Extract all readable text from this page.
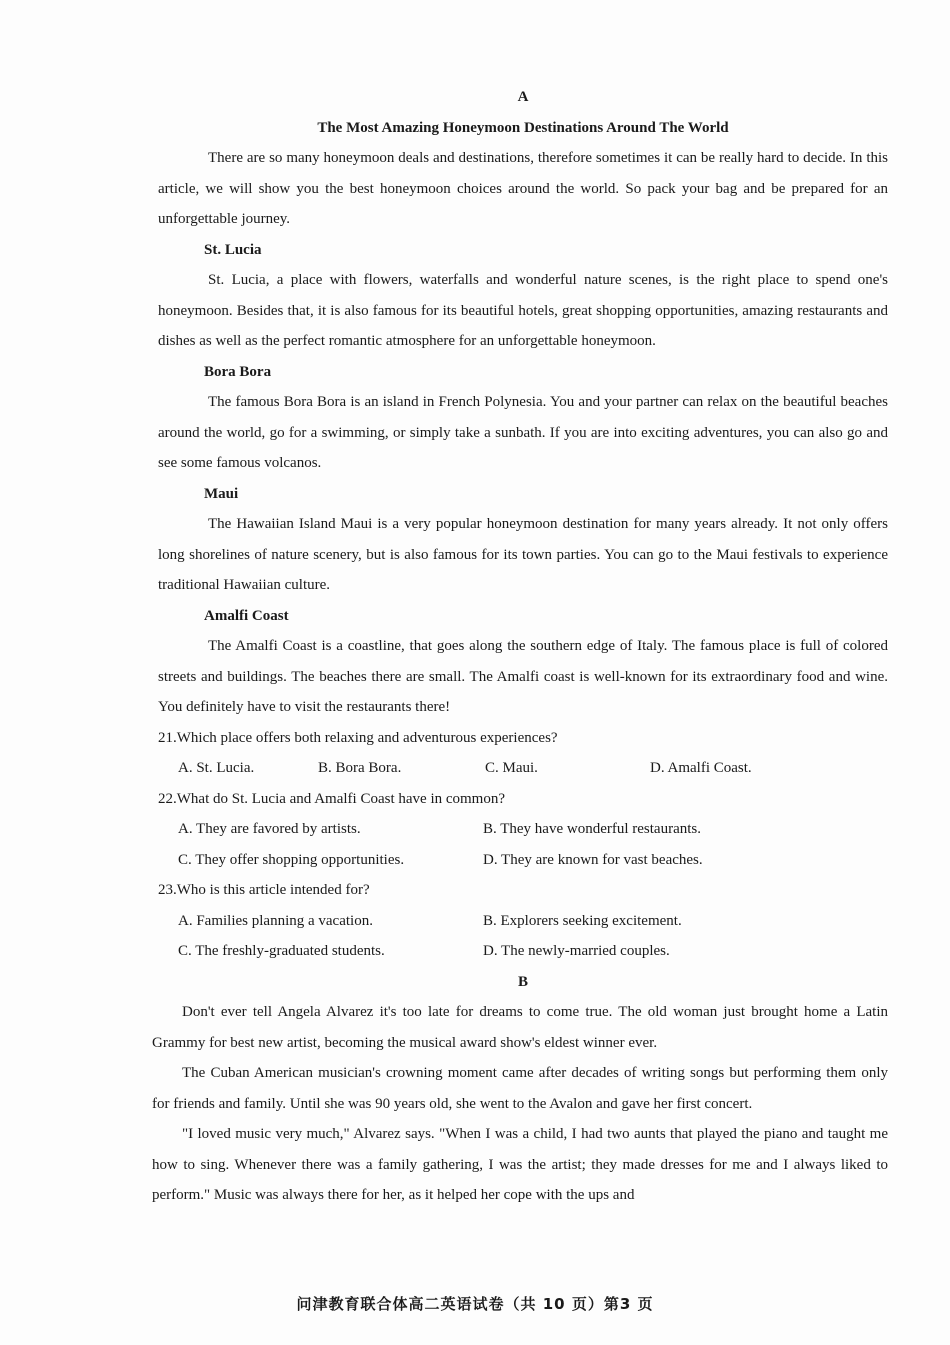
A
The Most Amazing Honeymoon Destinations Around The World
There are so many honeymoon deals and destinations, therefore sometimes it can be really hard to decide. In this article, we will show you the best honeymoon choices around the world. So pack your bag and be prepared for an unforgettable journey.
St. Lucia
St. Lucia, a place with flowers, waterfalls and wonderful nature scenes, is the right place to spend one's honeymoon. Besides that, it is also famous for its beautiful hotels, great shopping opportunities, amazing restaurants and dishes as well as the perfect romantic atmosphere for an unforgettable honeymoon.
Bora Bora
The famous Bora Bora is an island in French Polynesia. You and your partner can relax on the beautiful beaches around the world, go for a swimming, or simply take a sunbath. If you are into exciting adventures, you can also go and see some famous volcanos.
Maui
The Hawaiian Island Maui is a very popular honeymoon destination for many years already. It not only offers long shorelines of nature scenery, but is also famous for its town parties. You can go to the Maui festivals to experience traditional Hawaiian culture.
Amalfi Coast
The Amalfi Coast is a coastline, that goes along the southern edge of Italy. The famous place is full of colored streets and buildings. The beaches there are small. The Amalfi coast is well-known for its extraordinary food and wine. You definitely have to visit the restaurants there!
21.Which place offers both relaxing and adventurous experiences?
A. St. Lucia.	B. Bora Bora.	C. Maui.	D. Amalfi Coast.
22.What do St. Lucia and Amalfi Coast have in common?
A. They are favored by artists.	B. They have wonderful restaurants.
C. They offer shopping opportunities.	D. They are known for vast beaches.
23.Who is this article intended for?
A. Families planning a vacation.	B. Explorers seeking excitement.
C. The freshly-graduated students.	D. The newly-married couples.
B
Don't ever tell Angela Alvarez it's too late for dreams to come true. The old woman just brought home a Latin Grammy for best new artist, becoming the musical award show's eldest winner ever.
The Cuban American musician's crowning moment came after decades of writing songs but performing them only for friends and family. Until she was 90 years old, she went to the Avalon and gave her first concert.
"I loved music very much," Alvarez says. "When I was a child, I had two aunts that played the piano and taught me how to sing. Whenever there was a family gathering, I was the artist; they made dresses for me and I always liked to perform." Music was always there for her, as it helped her cope with the ups and
问津教育联合体高二英语试卷（共 10 页）第3 页
